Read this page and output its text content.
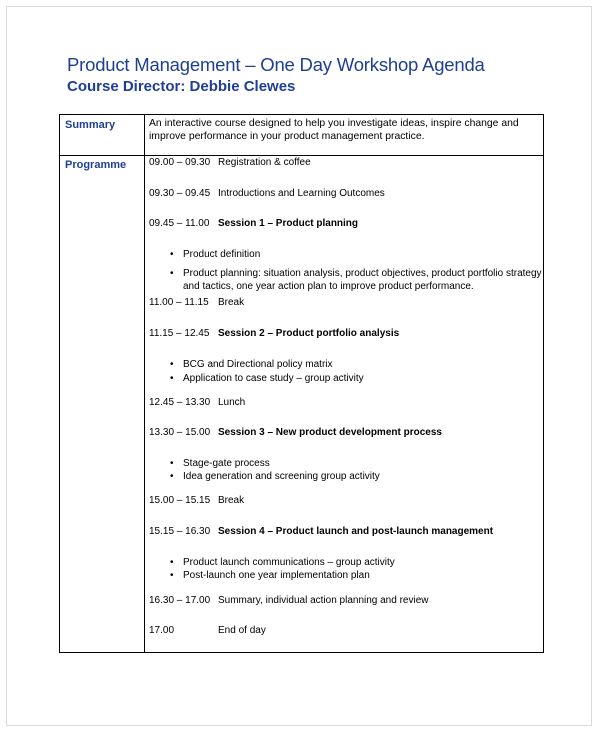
Product Management – One Day Workshop Agenda
Course Director: Debbie Clewes
Summary	An interactive course designed to help you investigate ideas, inspire change and
improve performance in your product management practice.
Programme 09.00 – 09.30 Registration & coffee
09.30 – 09.45 Introductions and Learning Outcomes
09.45 – 11.00 Session 1 – Product planning
• Product definition
• Product planning: situation analysis, product objectives, product portfolio strategy
and tactics, one year action plan to improve product performance.
11.00 – 11.15 Break
11.15 – 12.45 Session 2 – Product portfolio analysis
• BCG and Directional policy matrix
• Application to case study – group activity
12.45 – 13.30 Lunch
13.30 – 15.00 Session 3 – New product development process
• Stage-gate process
• Idea generation and screening group activity
15.00 – 15.15 Break
15.15 – 16.30 Session 4 – Product launch and post-launch management
• Product launch communications – group activity
• Post-launch one year implementation plan
16.30 – 17.00 Summary, individual action planning and review
17.00	End of day
